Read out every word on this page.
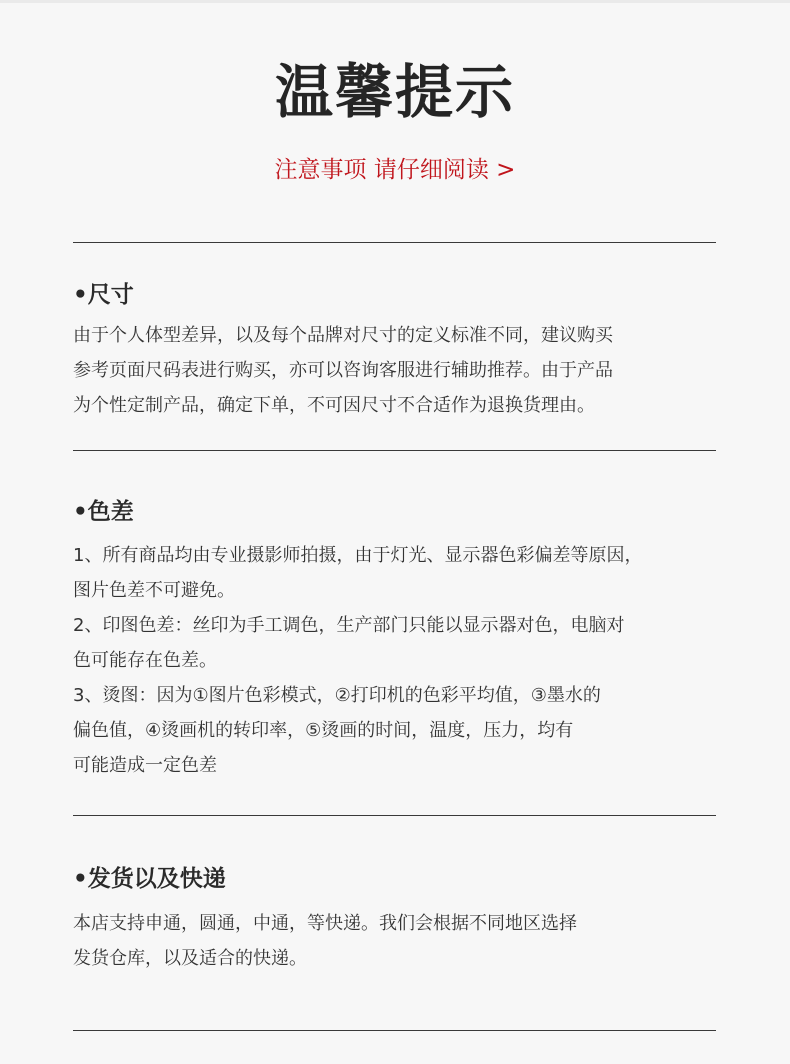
温馨提示
注意事项 请仔细阅读 >
•尺寸
由于个人体型差异，以及每个品牌对尺寸的定义标准不同，建议购买
参考页面尺码表进行购买，亦可以咨询客服进行辅助推荐。由于产品
为个性定制产品，确定下单，不可因尺寸不合适作为退换货理由。
•色差
1、所有商品均由专业摄影师拍摄，由于灯光、显示器色彩偏差等原因，
图片色差不可避免。
2、印图色差：丝印为手工调色，生产部门只能以显示器对色，电脑对
色可能存在色差。
3、烫图：因为①图片色彩模式，②打印机的色彩平均值，③墨水的
偏色值，④烫画机的转印率，⑤烫画的时间，温度，压力，均有
可能造成一定色差
•发货以及快递
本店支持申通，圆通，中通，等快递。我们会根据不同地区选择
发货仓库，以及适合的快递。
